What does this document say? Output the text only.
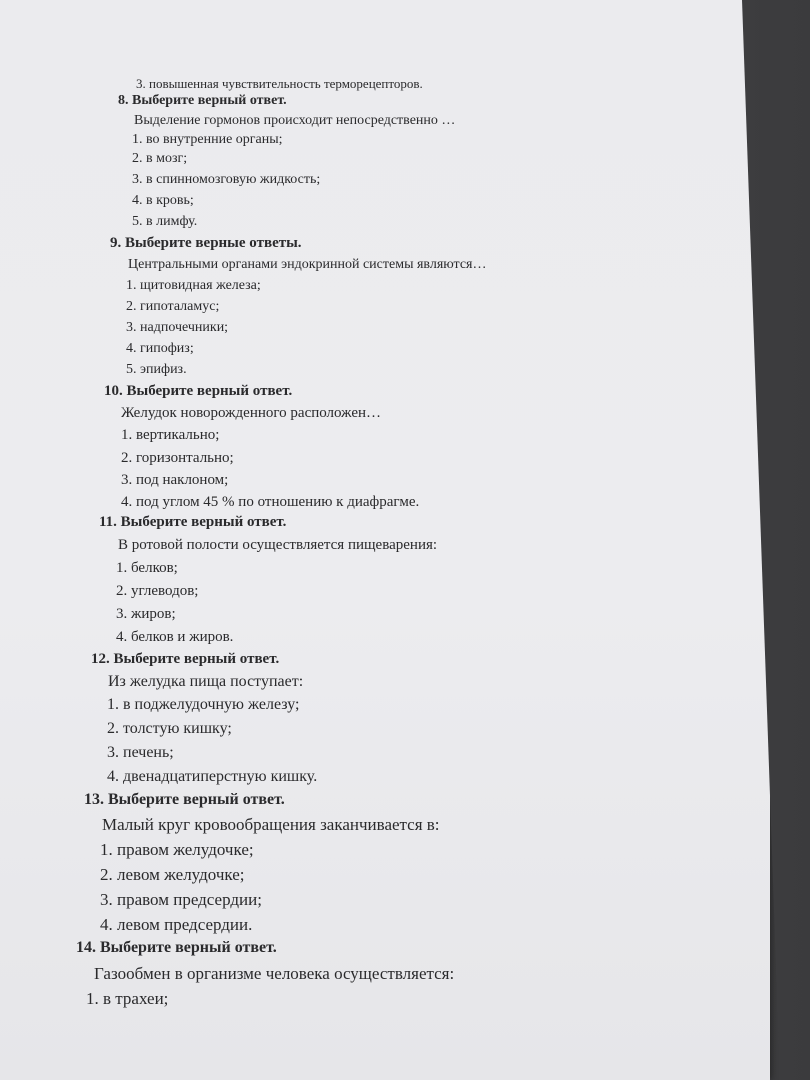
3. повышенная чувствительность терморецепторов.
8. Выберите верный ответ.
Выделение гормонов происходит непосредственно …
1. во внутренние органы;
2. в мозг;
3. в спинномозговую жидкость;
4. в кровь;
5. в лимфу.
9. Выберите верные ответы.
Центральными органами эндокринной системы являются…
1. щитовидная железа;
2. гипоталамус;
3. надпочечники;
4. гипофиз;
5. эпифиз.
10. Выберите верный ответ.
Желудок новорожденного расположен…
1. вертикально;
2. горизонтально;
3. под наклоном;
4. под углом 45 % по отношению к диафрагме.
11. Выберите верный ответ.
В ротовой полости осуществляется пищеварения:
1. белков;
2. углеводов;
3. жиров;
4. белков и жиров.
12. Выберите верный ответ.
Из желудка пища поступает:
1. в поджелудочную железу;
2. толстую кишку;
3. печень;
4. двенадцатиперстную кишку.
13. Выберите верный ответ.
Малый круг кровообращения заканчивается в:
1. правом желудочке;
2. левом желудочке;
3. правом предсердии;
4. левом предсердии.
14. Выберите верный ответ.
Газообмен в организме человека осуществляется:
1. в трахеи;
